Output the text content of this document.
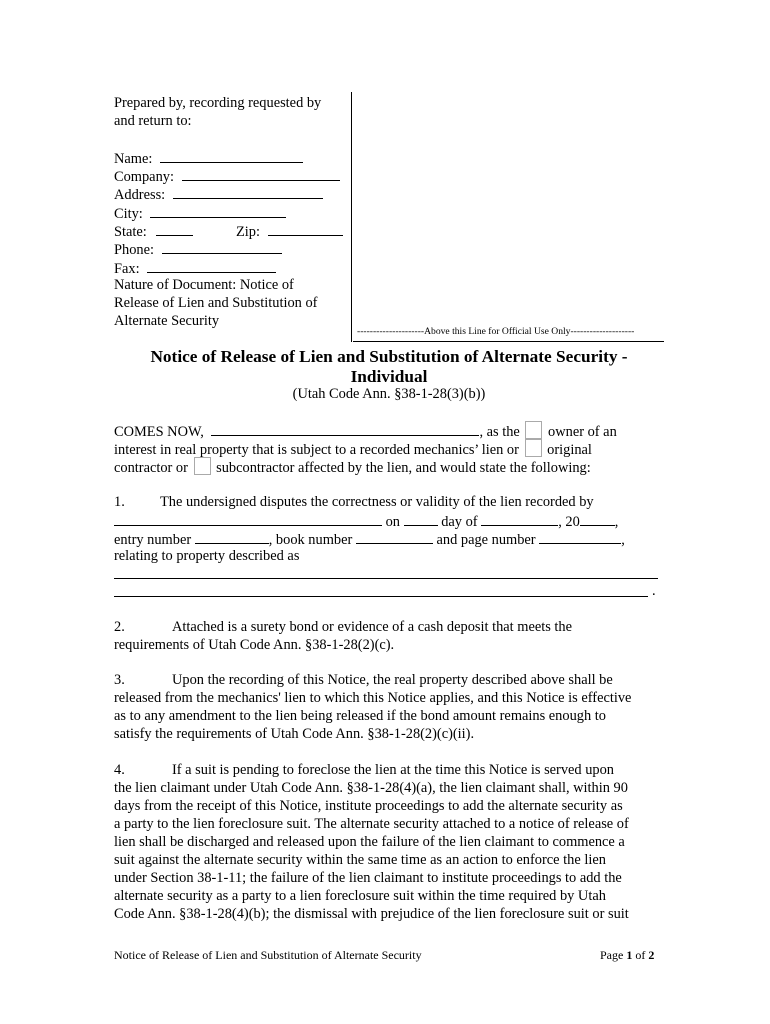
Prepared by, recording requested by
and return to:
Name:
Company:
Address:
City:
State:	Zip:
Phone:
Fax:
Nature of Document: Notice of
Release of Lien and Substitution of
Alternate Security
---------------------Above this Line for Official Use Only--------------------
Notice of Release of Lien and Substitution of Alternate Security -
Individual
(Utah Code Ann. §38-1-28(3)(b))
COMES NOW,	, as the owner of an
interest in real property that is subject to a recorded mechanics’ lien or original
contractor or subcontractor affected by the lien, and would state the following:
1. The undersigned disputes the correctness or validity of the lien recorded by
on	day of	, 20 ,
entry number	, book number	and page number	,
relating to property described as
.
2.	Attached is a surety bond or evidence of a cash deposit that meets the
requirements of Utah Code Ann. §38-1-28(2)(c).
3.	Upon the recording of this Notice, the real property described above shall be
released from the mechanics' lien to which this Notice applies, and this Notice is effective
as to any amendment to the lien being released if the bond amount remains enough to
satisfy the requirements of Utah Code Ann. §38-1-28(2)(c)(ii).
4.	If a suit is pending to foreclose the lien at the time this Notice is served upon
the lien claimant under Utah Code Ann. §38-1-28(4)(a), the lien claimant shall, within 90
days from the receipt of this Notice, institute proceedings to add the alternate security as
a party to the lien foreclosure suit. The alternate security attached to a notice of release of
lien shall be discharged and released upon the failure of the lien claimant to commence a
suit against the alternate security within the same time as an action to enforce the lien
under Section 38-1-11; the failure of the lien claimant to institute proceedings to add the
alternate security as a party to a lien foreclosure suit within the time required by Utah
Code Ann. §38-1-28(4)(b); the dismissal with prejudice of the lien foreclosure suit or suit
Notice of Release of Lien and Substitution of Alternate Security	Page 1 of 2
